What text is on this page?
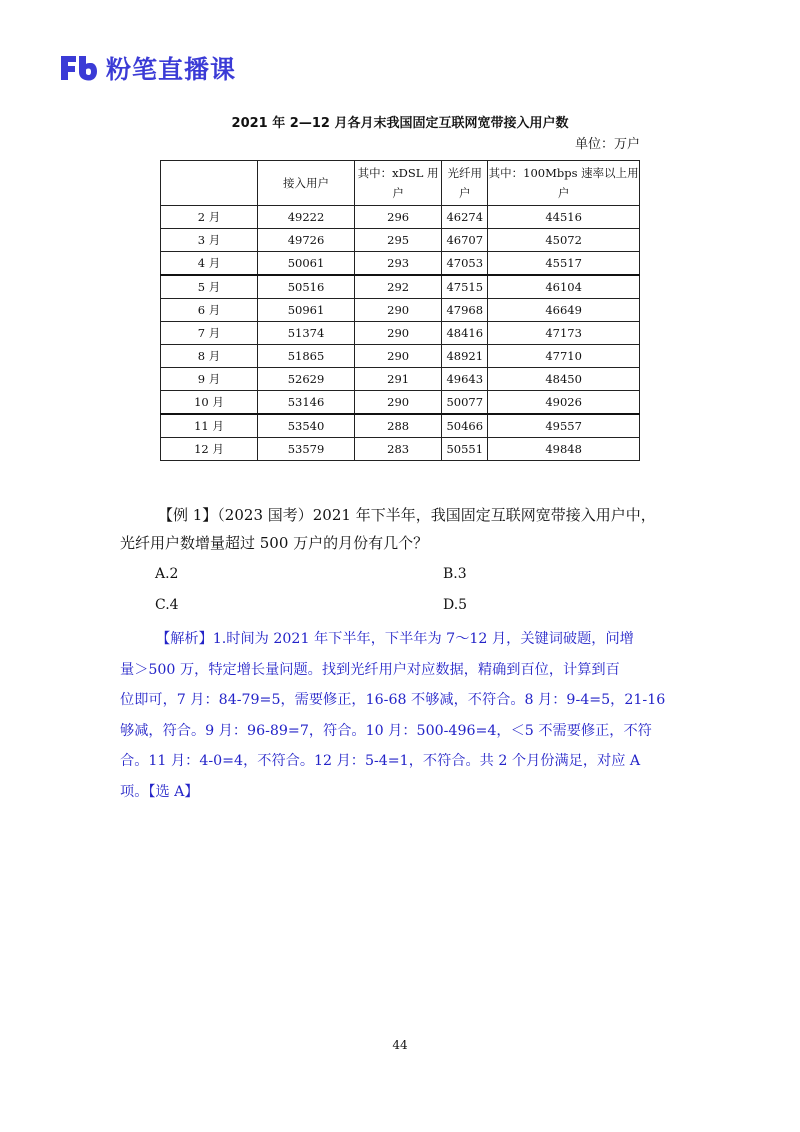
粉笔直播课
2021 年 2—12 月各月末我国固定互联网宽带接入用户数
单位：万户
	接入用户	其中：xDSL 用户	光纤用户	其中：100Mbps 速率以上用户
2 月	49222	296	46274	44516
3 月	49726	295	46707	45072
4 月	50061	293	47053	45517
5 月	50516	292	47515	46104
6 月	50961	290	47968	46649
7 月	51374	290	48416	47173
8 月	51865	290	48921	47710
9 月	52629	291	49643	48450
10 月	53146	290	50077	49026
11 月	53540	288	50466	49557
12 月	53579	283	50551	49848
【例 1】（2023 国考）2021 年下半年，我国固定互联网宽带接入用户中，
光纤用户数增量超过 500 万户的月份有几个？
A.2	B.3
C.4	D.5
【解析】1.时间为 2021 年下半年，下半年为 7～12 月，关键词破题，问增
量＞500 万，特定增长量问题。找到光纤用户对应数据，精确到百位，计算到百
位即可，7 月：84-79=5，需要修正，16-68 不够减，不符合。8 月：9-4=5，21-16
够减，符合。9 月：96-89=7，符合。10 月：500-496=4，＜5 不需要修正，不符
合。11 月：4-0=4，不符合。12 月：5-4=1，不符合。共 2 个月份满足，对应 A
项。【选 A】
44
